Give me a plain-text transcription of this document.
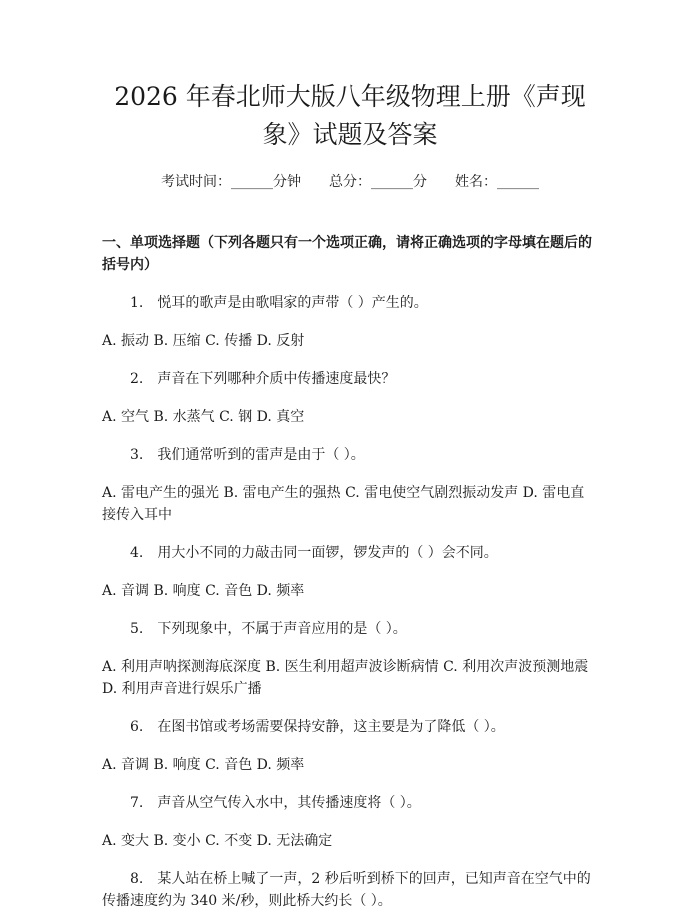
2026 年春北师大版八年级物理上册《声现
象》试题及答案
考试时间：______分钟 总分：______分 姓名：______
一、单项选择题（下列各题只有一个选项正确，请将正确选项的字母填在题后的括号内）

1.　悦耳的歌声是由歌唱家的声带（ ）产生的。

A. 振动 B. 压缩 C. 传播 D. 反射

2.　声音在下列哪种介质中传播速度最快？

A. 空气 B. 水蒸气 C. 钢 D. 真空

3.　我们通常听到的雷声是由于（ ）。

A. 雷电产生的强光 B. 雷电产生的强热 C. 雷电使空气剧烈振动发声 D. 雷电直接传入耳中

4.　用大小不同的力敲击同一面锣，锣发声的（ ）会不同。

A. 音调 B. 响度 C. 音色 D. 频率

5.　下列现象中，不属于声音应用的是（ ）。

A. 利用声呐探测海底深度 B. 医生利用超声波诊断病情 C. 利用次声波预测地震 D. 利用声音进行娱乐广播

6.　在图书馆或考场需要保持安静，这主要是为了降低（ ）。

A. 音调 B. 响度 C. 音色 D. 频率

7.　声音从空气传入水中，其传播速度将（ ）。

A. 变大 B. 变小 C. 不变 D. 无法确定

8.　某人站在桥上喊了一声，2 秒后听到桥下的回声，已知声音在空气中的传播速度约为 340 米/秒，则此桥大约长（ ）。
